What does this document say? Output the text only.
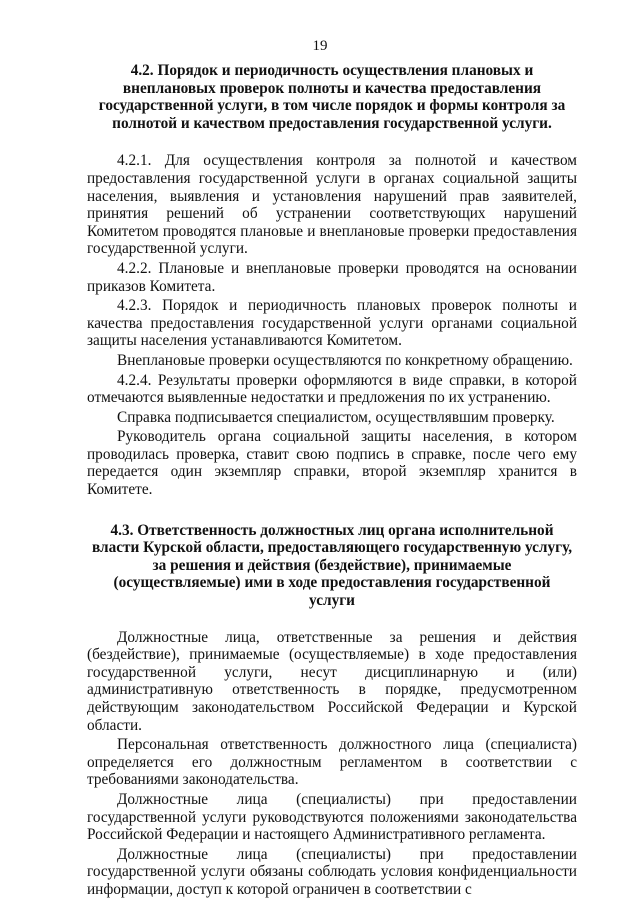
19

4.2. Порядок и периодичность осуществления плановых и внеплановых проверок полноты и качества предоставления государственной услуги, в том числе порядок и формы контроля за полнотой и качеством предоставления государственной услуги.

4.2.1. Для осуществления контроля за полнотой и качеством предоставления государственной услуги в органах социальной защиты населения, выявления и установления нарушений прав заявителей, принятия решений об устранении соответствующих нарушений Комитетом проводятся плановые и внеплановые проверки предоставления государственной услуги.

4.2.2. Плановые и внеплановые проверки проводятся на основании приказов Комитета.

4.2.3. Порядок и периодичность плановых проверок полноты и качества предоставления государственной услуги органами социальной защиты населения устанавливаются Комитетом.

Внеплановые проверки осуществляются по конкретному обращению.

4.2.4. Результаты проверки оформляются в виде справки, в которой отмечаются выявленные недостатки и предложения по их устранению.

Справка подписывается специалистом, осуществлявшим проверку.

Руководитель органа социальной защиты населения, в котором проводилась проверка, ставит свою подпись в справке, после чего ему передается один экземпляр справки, второй экземпляр хранится в Комитете.

4.3. Ответственность должностных лиц органа исполнительной власти Курской области, предоставляющего государственную услугу, за решения и действия (бездействие), принимаемые (осуществляемые) ими в ходе предоставления государственной услуги

Должностные лица, ответственные за решения и действия (бездействие), принимаемые (осуществляемые) в ходе предоставления государственной услуги, несут дисциплинарную и (или) административную ответственность в порядке, предусмотренном действующим законодательством Российской Федерации и Курской области.

Персональная ответственность должностного лица (специалиста) определяется его должностным регламентом в соответствии с требованиями законодательства.

Должностные лица (специалисты) при предоставлении государственной услуги руководствуются положениями законодательства Российской Федерации и настоящего Административного регламента.

Должностные лица (специалисты) при предоставлении государственной услуги обязаны соблюдать условия конфиденциальности информации, доступ к которой ограничен в соответствии с
